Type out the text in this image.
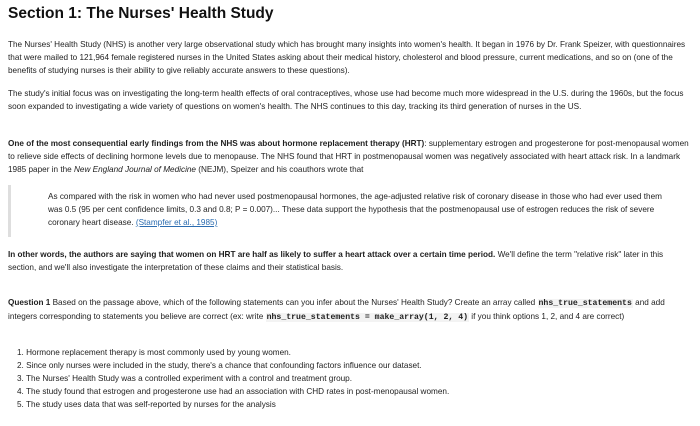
Section 1: The Nurses' Health Study

The Nurses' Health Study (NHS) is another very large observational study which has brought many insights into women's health. It began in 1976 by Dr. Frank Speizer, with questionnaires that were mailed to 121,964 female registered nurses in the United States asking about their medical history, cholesterol and blood pressure, current medications, and so on (one of the benefits of studying nurses is their ability to give reliably accurate answers to these questions).

The study's initial focus was on investigating the long-term health effects of oral contraceptives, whose use had become much more widespread in the U.S. during the 1960s, but the focus soon expanded to investigating a wide variety of questions on women's health. The NHS continues to this day, tracking its third generation of nurses in the US.

One of the most consequential early findings from the NHS was about hormone replacement therapy (HRT): supplementary estrogen and progesterone for post-menopausal women to relieve side effects of declining hormone levels due to menopause. The NHS found that HRT in postmenopausal women was negatively associated with heart attack risk. In a landmark 1985 paper in the New England Journal of Medicine (NEJM), Speizer and his coauthors wrote that

As compared with the risk in women who had never used postmenopausal hormones, the age-adjusted relative risk of coronary disease in those who had ever used them was 0.5 (95 per cent confidence limits, 0.3 and 0.8; P = 0.007)... These data support the hypothesis that the postmenopausal use of estrogen reduces the risk of severe coronary heart disease. (Stampfer et al., 1985)

In other words, the authors are saying that women on HRT are half as likely to suffer a heart attack over a certain time period. We'll define the term "relative risk" later in this section, and we'll also investigate the interpretation of these claims and their statistical basis.

Question 1 Based on the passage above, which of the following statements can you infer about the Nurses' Health Study? Create an array called nhs_true_statements and add integers corresponding to statements you believe are correct (ex: write nhs_true_statements = make_array(1, 2, 4) if you think options 1, 2, and 4 are correct)

1. Hormone replacement therapy is most commonly used by young women.
2. Since only nurses were included in the study, there's a chance that confounding factors influence our dataset.
3. The Nurses' Health Study was a controlled experiment with a control and treatment group.
4. The study found that estrogen and progesterone use had an association with CHD rates in post-menopausal women.
5. The study uses data that was self-reported by nurses for the analysis
